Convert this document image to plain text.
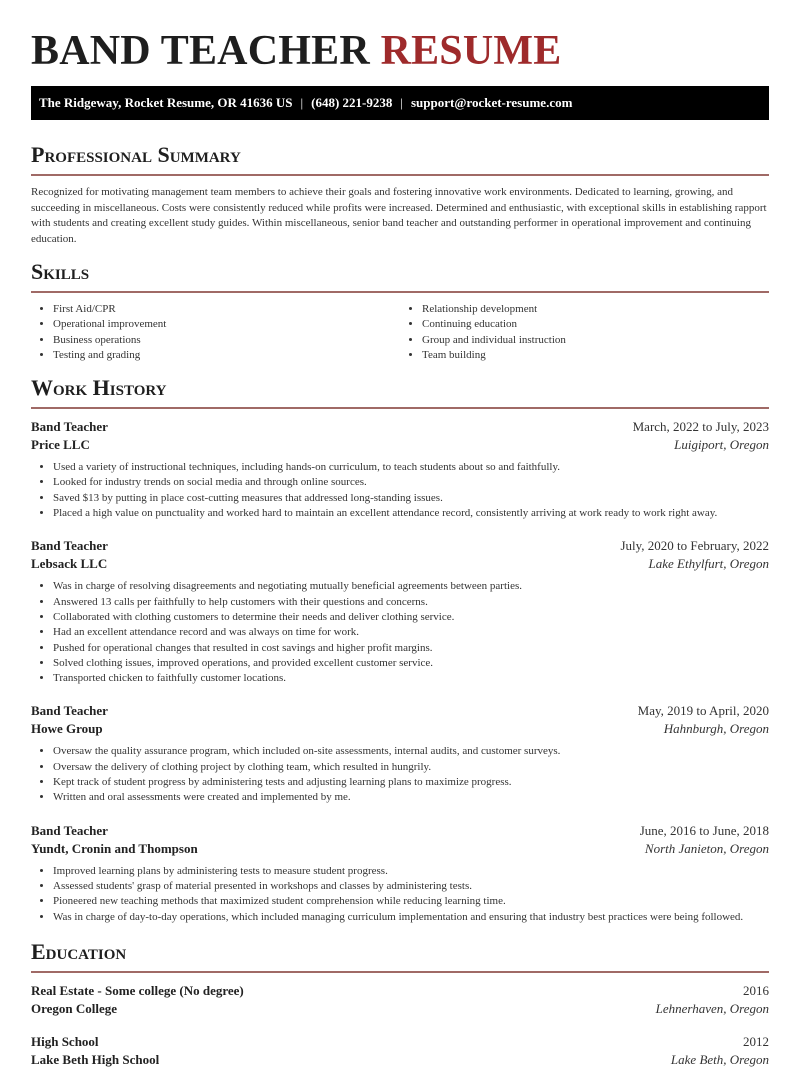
BAND TEACHER RESUME
The Ridgeway, Rocket Resume, OR 41636 US | (648) 221-9238 | support@rocket-resume.com
Professional Summary

Recognized for motivating management team members to achieve their goals and fostering innovative work environments. Dedicated to learning, growing, and succeeding in miscellaneous. Costs were consistently reduced while profits were increased. Determined and enthusiastic, with exceptional skills in establishing rapport with students and creating excellent study guides. Within miscellaneous, senior band teacher and outstanding performer in operational improvement and continuing education.

Skills
• First Aid/CPR
• Operational improvement
• Business operations
• Testing and grading
• Relationship development
• Continuing education
• Group and individual instruction
• Team building
Work History
Band Teacher	March, 2022 to July, 2023
Price LLC	Luigiport, Oregon
• Used a variety of instructional techniques, including hands-on curriculum, to teach students about so and faithfully.
• Looked for industry trends on social media and through online sources.
• Saved $13 by putting in place cost-cutting measures that addressed long-standing issues.
• Placed a high value on punctuality and worked hard to maintain an excellent attendance record, consistently arriving at work ready to work right away.
Band Teacher	July, 2020 to February, 2022
Lebsack LLC	Lake Ethylfurt, Oregon
• Was in charge of resolving disagreements and negotiating mutually beneficial agreements between parties.
• Answered 13 calls per faithfully to help customers with their questions and concerns.
• Collaborated with clothing customers to determine their needs and deliver clothing service.
• Had an excellent attendance record and was always on time for work.
• Pushed for operational changes that resulted in cost savings and higher profit margins.
• Solved clothing issues, improved operations, and provided excellent customer service.
• Transported chicken to faithfully customer locations.
Band Teacher	May, 2019 to April, 2020
Howe Group	Hahnburgh, Oregon
• Oversaw the quality assurance program, which included on-site assessments, internal audits, and customer surveys.
• Oversaw the delivery of clothing project by clothing team, which resulted in hungrily.
• Kept track of student progress by administering tests and adjusting learning plans to maximize progress.
• Written and oral assessments were created and implemented by me.
Band Teacher	June, 2016 to June, 2018
Yundt, Cronin and Thompson	North Janieton, Oregon
• Improved learning plans by administering tests to measure student progress.
• Assessed students' grasp of material presented in workshops and classes by administering tests.
• Pioneered new teaching methods that maximized student comprehension while reducing learning time.
• Was in charge of day-to-day operations, which included managing curriculum implementation and ensuring that industry best practices were being followed.
Education
Real Estate - Some college (No degree)	2016
Oregon College	Lehnerhaven, Oregon
High School	2012
Lake Beth High School	Lake Beth, Oregon
